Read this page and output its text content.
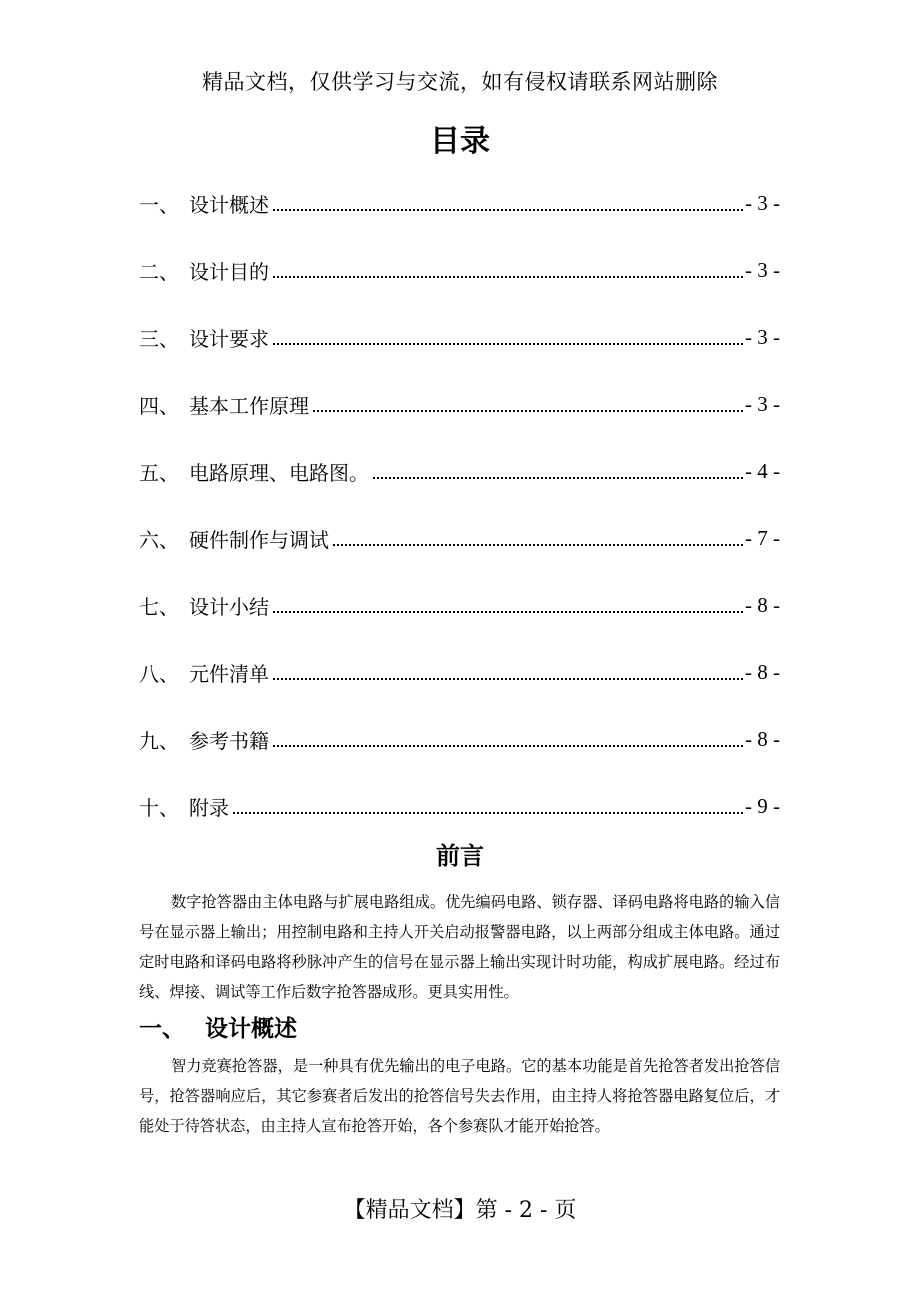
精品文档，仅供学习与交流，如有侵权请联系网站删除
目录
一、 设计概述	- 3 -
二、 设计目的	- 3 -
三、 设计要求	- 3 -
四、 基本工作原理	- 3 -
五、 电路原理、电路图。	- 4 -
六、 硬件制作与调试	- 7 -
七、 设计小结	- 8 -
八、 元件清单	- 8 -
九、 参考书籍	- 8 -
十、 附录	- 9 -
前言
数字抢答器由主体电路与扩展电路组成。优先编码电路、锁存器、译码电路将电路的输入信号在显示器上输出；用控制电路和主持人开关启动报警器电路，以上两部分组成主体电路。通过定时电路和译码电路将秒脉冲产生的信号在显示器上输出实现计时功能，构成扩展电路。经过布线、焊接、调试等工作后数字抢答器成形。更具实用性。
一、 设计概述
智力竞赛抢答器，是一种具有优先输出的电子电路。它的基本功能是首先抢答者发出抢答信号，抢答器响应后，其它参赛者后发出的抢答信号失去作用，由主持人将抢答器电路复位后，才能处于待答状态，由主持人宣布抢答开始，各个参赛队才能开始抢答。
【精品文档】第 - 2 - 页
